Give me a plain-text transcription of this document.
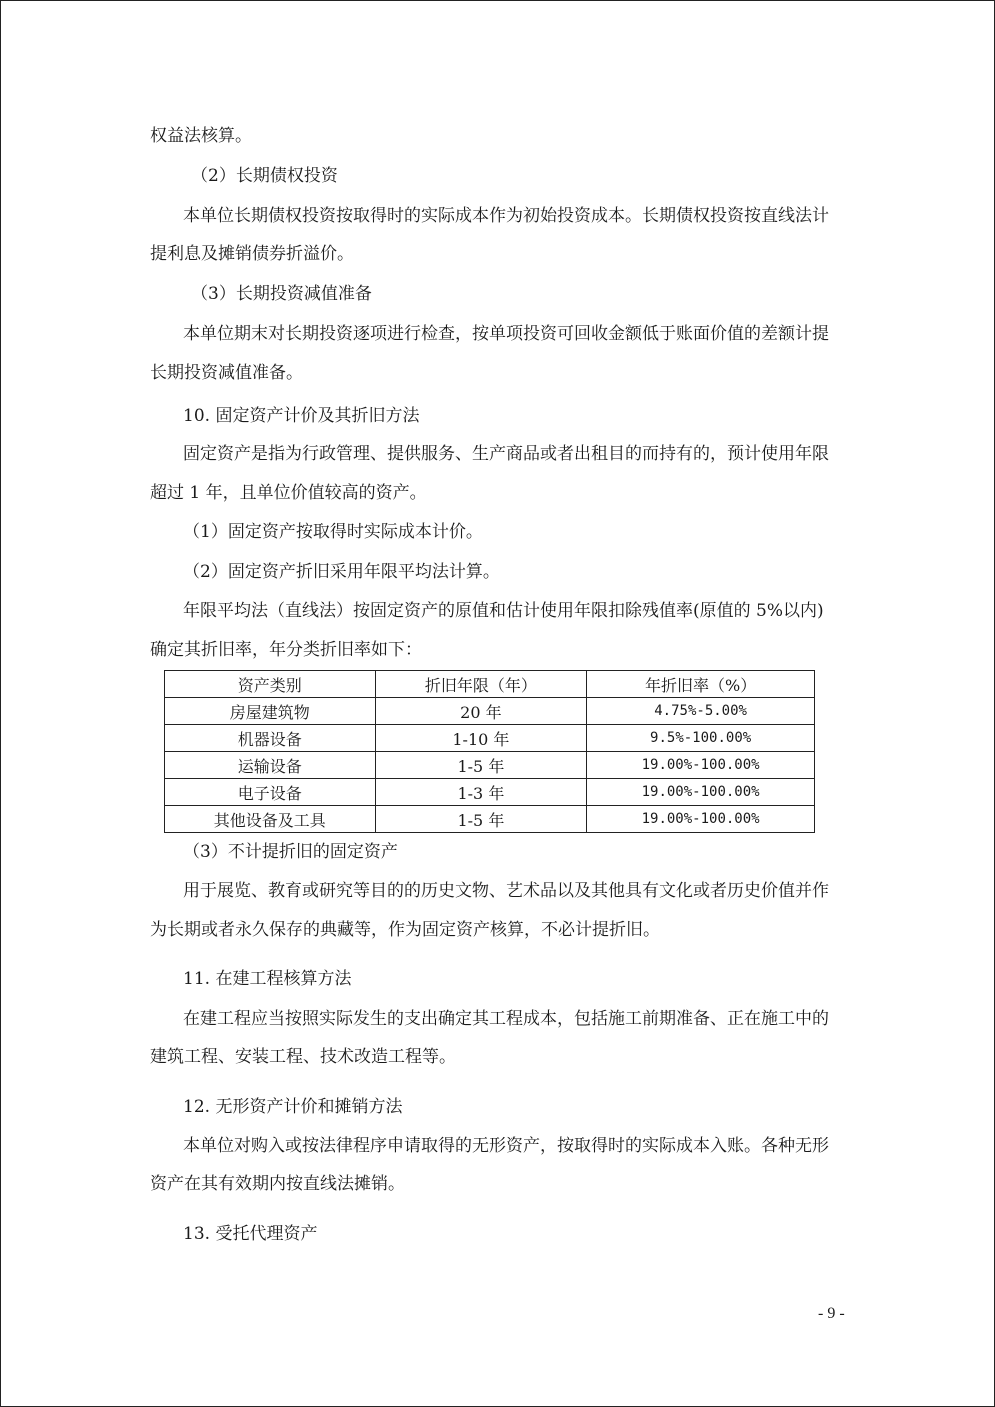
权益法核算。
（2）长期债权投资
本单位长期债权投资按取得时的实际成本作为初始投资成本。长期债权投资按直线法计
提利息及摊销债券折溢价。
（3）长期投资减值准备
本单位期末对长期投资逐项进行检查，按单项投资可回收金额低于账面价值的差额计提
长期投资减值准备。
10. 固定资产计价及其折旧方法
固定资产是指为行政管理、提供服务、生产商品或者出租目的而持有的，预计使用年限
超过 1 年，且单位价值较高的资产。
（1）固定资产按取得时实际成本计价。
（2）固定资产折旧采用年限平均法计算。
年限平均法（直线法）按固定资产的原值和估计使用年限扣除残值率(原值的 5%以内)
确定其折旧率，年分类折旧率如下：
资产类别	折旧年限（年）	年折旧率（%）
房屋建筑物	20 年	4.75%-5.00%
机器设备	1-10 年	9.5%-100.00%
运输设备	1-5 年	19.00%-100.00%
电子设备	1-3 年	19.00%-100.00%
其他设备及工具	1-5 年	19.00%-100.00%
（3）不计提折旧的固定资产
用于展览、教育或研究等目的的历史文物、艺术品以及其他具有文化或者历史价值并作
为长期或者永久保存的典藏等，作为固定资产核算，不必计提折旧。
11. 在建工程核算方法
在建工程应当按照实际发生的支出确定其工程成本，包括施工前期准备、正在施工中的
建筑工程、安装工程、技术改造工程等。
12. 无形资产计价和摊销方法
本单位对购入或按法律程序申请取得的无形资产，按取得时的实际成本入账。各种无形
资产在其有效期内按直线法摊销。
13. 受托代理资产
- 9 -
